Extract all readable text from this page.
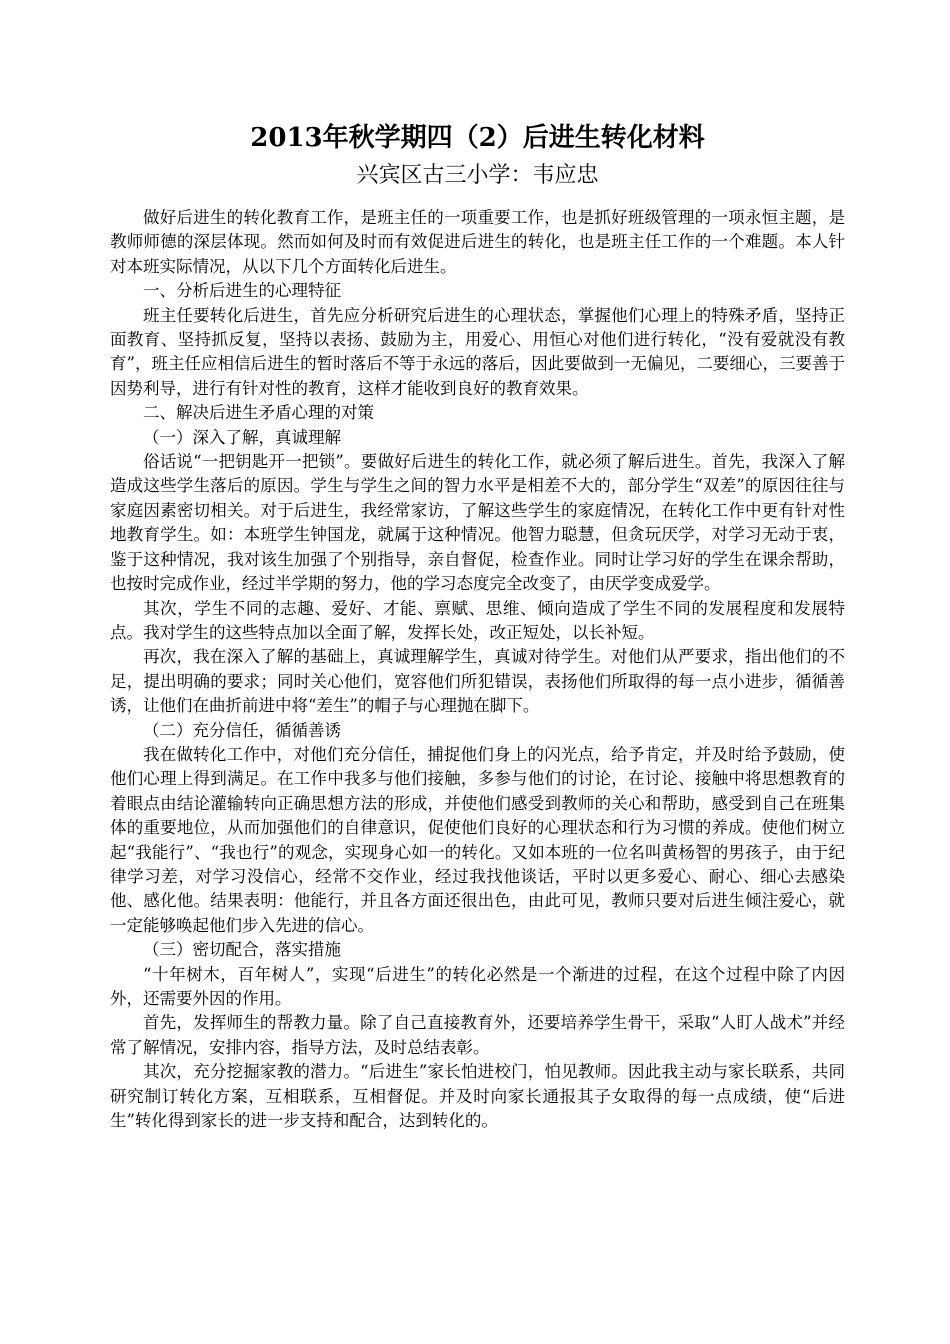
2013年秋学期四（2）后进生转化材料
兴宾区古三小学：韦应忠

做好后进生的转化教育工作，是班主任的一项重要工作，也是抓好班级管理的一项永恒主题，是教师师德的深层体现。然而如何及时而有效促进后进生的转化，也是班主任工作的一个难题。本人针对本班实际情况，从以下几个方面转化后进生。

一、分析后进生的心理特征

班主任要转化后进生，首先应分析研究后进生的心理状态，掌握他们心理上的特殊矛盾，坚持正面教育、坚持抓反复，坚持以表扬、鼓励为主，用爱心、用恒心对他们进行转化，“没有爱就没有教育”，班主任应相信后进生的暂时落后不等于永远的落后，因此要做到一无偏见，二要细心，三要善于因势利导，进行有针对性的教育，这样才能收到良好的教育效果。

二、解决后进生矛盾心理的对策

（一）深入了解，真诚理解

俗话说“一把钥匙开一把锁”。要做好后进生的转化工作，就必须了解后进生。首先，我深入了解造成这些学生落后的原因。学生与学生之间的智力水平是相差不大的，部分学生“双差”的原因往往与家庭因素密切相关。对于后进生，我经常家访，了解这些学生的家庭情况，在转化工作中更有针对性地教育学生。如：本班学生钟国龙，就属于这种情况。他智力聪慧，但贪玩厌学，对学习无动于衷，鉴于这种情况，我对该生加强了个别指导，亲自督促，检查作业。同时让学习好的学生在课余帮助，也按时完成作业，经过半学期的努力，他的学习态度完全改变了，由厌学变成爱学。

其次，学生不同的志趣、爱好、才能、禀赋、思维、倾向造成了学生不同的发展程度和发展特点。我对学生的这些特点加以全面了解，发挥长处，改正短处，以长补短。

再次，我在深入了解的基础上，真诚理解学生，真诚对待学生。对他们从严要求，指出他们的不足，提出明确的要求；同时关心他们，宽容他们所犯错误，表扬他们所取得的每一点小进步，循循善诱，让他们在曲折前进中将“差生”的帽子与心理抛在脚下。

（二）充分信任，循循善诱

我在做转化工作中，对他们充分信任，捕捉他们身上的闪光点，给予肯定，并及时给予鼓励，使他们心理上得到满足。在工作中我多与他们接触，多参与他们的讨论，在讨论、接触中将思想教育的着眼点由结论灌输转向正确思想方法的形成，并使他们感受到教师的关心和帮助，感受到自己在班集体的重要地位，从而加强他们的自律意识，促使他们良好的心理状态和行为习惯的养成。使他们树立起“我能行”、“我也行”的观念，实现身心如一的转化。又如本班的一位名叫黄杨智的男孩子，由于纪律学习差，对学习没信心，经常不交作业，经过我找他谈话，平时以更多爱心、耐心、细心去感染他、感化他。结果表明：他能行，并且各方面还很出色，由此可见，教师只要对后进生倾注爱心，就一定能够唤起他们步入先进的信心。

（三）密切配合，落实措施

“十年树木，百年树人”，实现“后进生”的转化必然是一个渐进的过程，在这个过程中除了内因外，还需要外因的作用。

首先，发挥师生的帮教力量。除了自己直接教育外，还要培养学生骨干，采取“人盯人战术”并经常了解情况，安排内容，指导方法，及时总结表彰。

其次，充分挖掘家教的潜力。“后进生”家长怕进校门，怕见教师。因此我主动与家长联系，共同研究制订转化方案，互相联系，互相督促。并及时向家长通报其子女取得的每一点成绩，使“后进生”转化得到家长的进一步支持和配合，达到转化的。
